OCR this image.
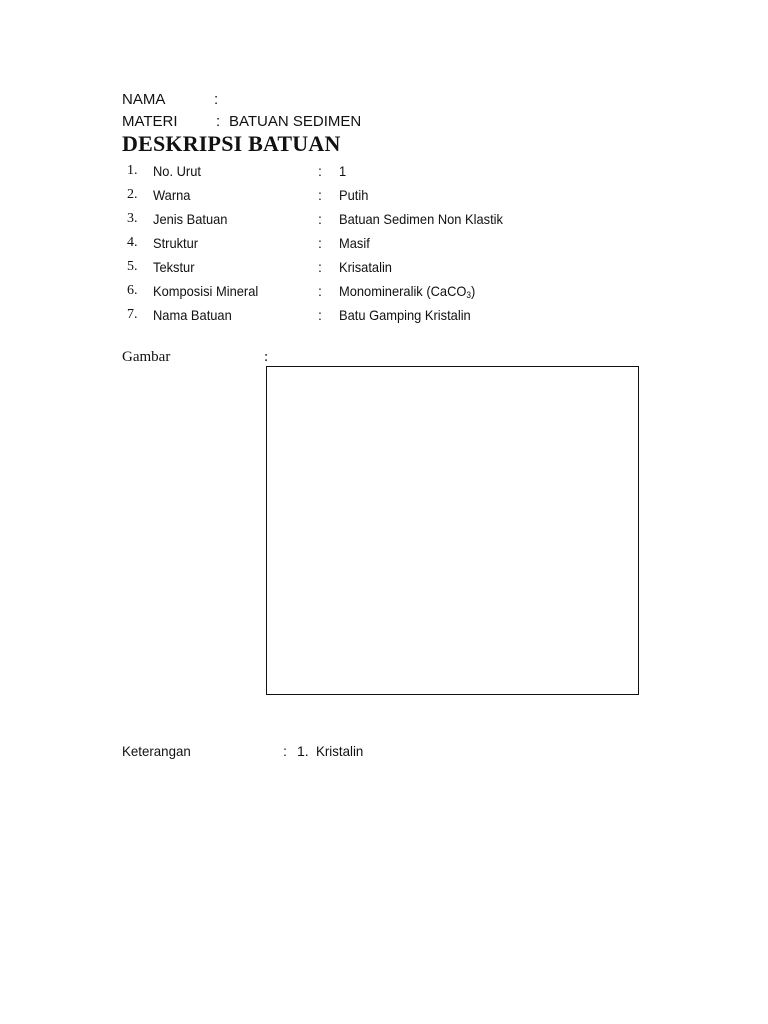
NAMA	:
MATERI	: BATUAN SEDIMEN
DESKRIPSI BATUAN
1. No. Urut	: 1
2. Warna	: Putih
3. Jenis Batuan	: Batuan Sedimen Non Klastik
4. Struktur	: Masif
5. Tekstur	: Krisatalin
6. Komposisi Mineral	: Monomineralik (CaCO$_3$)
7. Nama Batuan	: Batu Gamping Kristalin
Gambar	:
Keterangan	: 1. Kristalin
